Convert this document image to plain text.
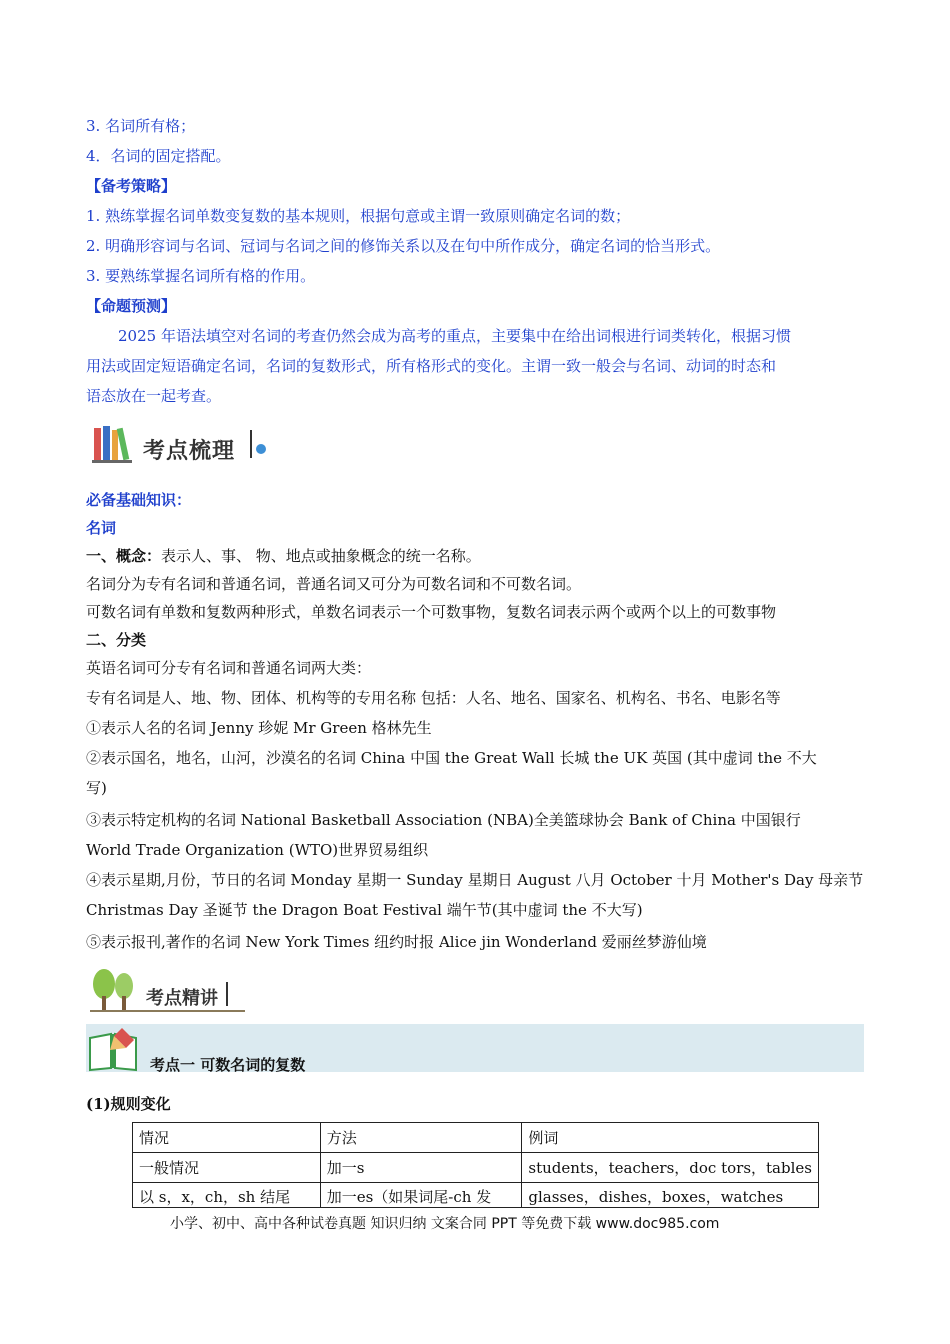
3. 名词所有格；
4．名词的固定搭配。
【备考策略】
1. 熟练掌握名词单数变复数的基本规则，根据句意或主谓一致原则确定名词的数；
2. 明确形容词与名词、冠词与名词之间的修饰关系以及在句中所作成分，确定名词的恰当形式。
3. 要熟练掌握名词所有格的作用。
【命题预测】
2025 年语法填空对名词的考查仍然会成为高考的重点，主要集中在给出词根进行词类转化，根据习惯
用法或固定短语确定名词，名词的复数形式，所有格形式的变化。主谓一致一般会与名词、动词的时态和
语态放在一起考查。
考点梳理
必备基础知识：
名词
一、概念：表示人、事、 物、地点或抽象概念的统一名称。
名词分为专有名词和普通名词，普通名词又可分为可数名词和不可数名词。
可数名词有单数和复数两种形式，单数名词表示一个可数事物，复数名词表示两个或两个以上的可数事物
二、分类
英语名词可分专有名词和普通名词两大类：
专有名词是人、地、物、团体、机构等的专用名称 包括：人名、地名、国家名、机构名、书名、电影名等
①表示人名的名词 Jenny 珍妮 Mr Green 格林先生
②表示国名，地名，山河，沙漠名的名词 China 中国 the Great Wall 长城 the UK 英国 (其中虚词 the 不大
写)
③表示特定机构的名词 National Basketball Association (NBA)全美篮球协会 Bank of China 中国银行
World Trade Organization (WTO)世界贸易组织
④表示星期,月份，节日的名词 Monday 星期一 Sunday 星期日 August 八月 October 十月 Mother's Day 母亲节
Christmas Day 圣诞节 the Dragon Boat Festival 端午节(其中虚词 the 不大写)
⑤表示报刊,著作的名词 New York Times 纽约时报 Alice jin Wonderland 爱丽丝梦游仙境
考点精讲
考点一 可数名词的复数
(1)规则变化
情况	方法	例词
一般情况	加一s	students，teachers，doc tors，tables
以 s，x，ch，sh 结尾	加一es（如果词尾-ch 发	glasses，dishes，boxes，watches
小学、初中、高中各种试卷真题 知识归纳 文案合同 PPT 等免费下载 www.doc985.com
